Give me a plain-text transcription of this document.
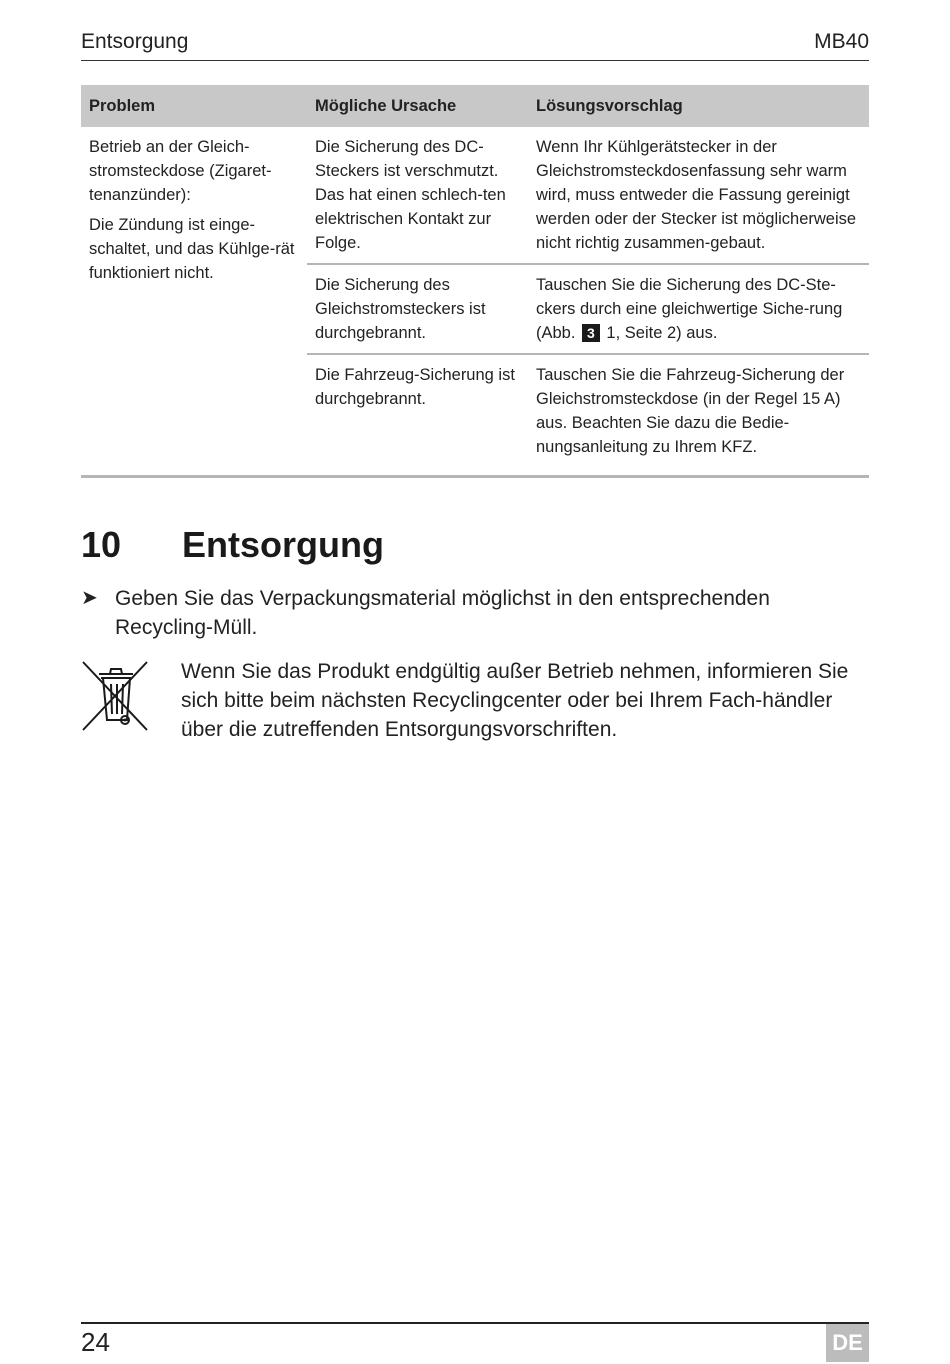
Entsorgung	MB40
Problem	Mögliche Ursache	Lösungsvorschlag

Betrieb an der Gleich-stromsteckdose (Zigaret-tenanzünder):

Die Zündung ist einge-schaltet, und das Kühlge-rät funktioniert nicht.	Die Sicherung des DC-Steckers ist verschmutzt. Das hat einen schlech-ten elektrischen Kontakt zur Folge.	Wenn Ihr Kühlgerätstecker in der Gleichstromsteckdosenfassung sehr warm wird, muss entweder die Fassung gereinigt werden oder der Stecker ist möglicherweise nicht richtig zusammen-gebaut.
	Die Sicherung des Gleichstromsteckers ist durchgebrannt.	Tauschen Sie die Sicherung des DC-Ste-ckers durch eine gleichwertige Siche-rung (Abb. 3 1, Seite 2) aus.
	Die Fahrzeug-Sicherung ist durchgebrannt.	Tauschen Sie die Fahrzeug-Sicherung der Gleichstromsteckdose (in der Regel 15 A) aus. Beachten Sie dazu die Bedie-nungsanleitung zu Ihrem KFZ.
10 Entsorgung
➤ Geben Sie das Verpackungsmaterial möglichst in den entsprechenden Recycling-Müll.
Wenn Sie das Produkt endgültig außer Betrieb nehmen, informieren Sie sich bitte beim nächsten Recyclingcenter oder bei Ihrem Fach-händler über die zutreffenden Entsorgungsvorschriften.
24	DE
